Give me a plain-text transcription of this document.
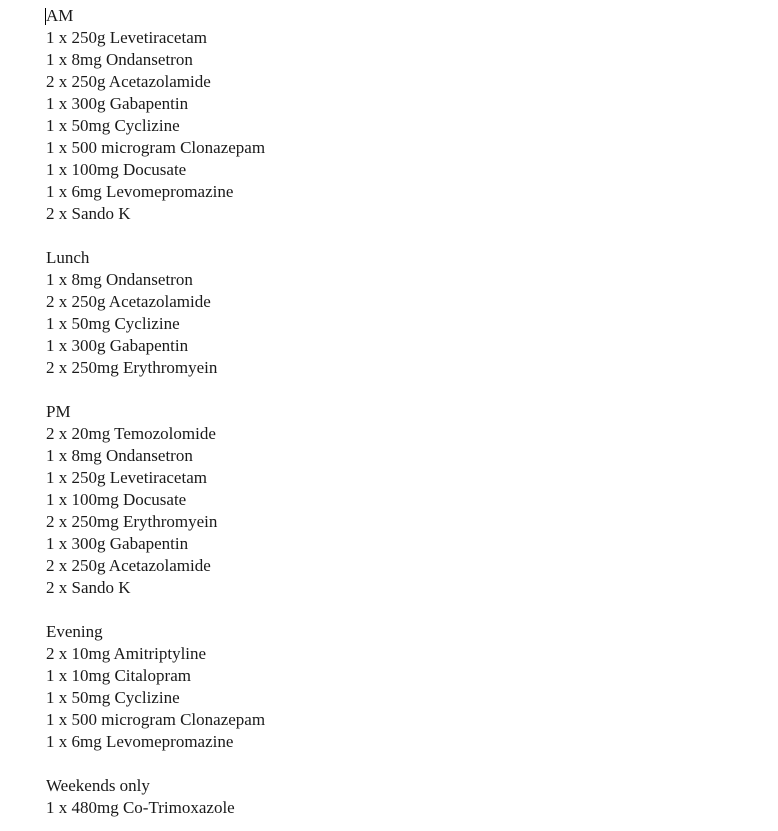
AM
1 x 250g Levetiracetam
1 x 8mg Ondansetron
2 x 250g Acetazolamide
1 x 300g Gabapentin
1 x 50mg Cyclizine
1 x 500 microgram Clonazepam
1 x 100mg Docusate
1 x 6mg Levomepromazine
2 x Sando K
Lunch
1 x 8mg Ondansetron
2 x 250g Acetazolamide
1 x 50mg Cyclizine
1 x 300g Gabapentin
2 x 250mg Erythromyein
PM
2 x 20mg Temozolomide
1 x 8mg Ondansetron
1 x 250g Levetiracetam
1 x 100mg Docusate
2 x 250mg Erythromyein
1 x 300g Gabapentin
2 x 250g Acetazolamide
2 x Sando K
Evening
2 x 10mg Amitriptyline
1 x 10mg Citalopram
1 x 50mg Cyclizine
1 x 500 microgram Clonazepam
1 x 6mg Levomepromazine
Weekends only
1 x 480mg Co-Trimoxazole
